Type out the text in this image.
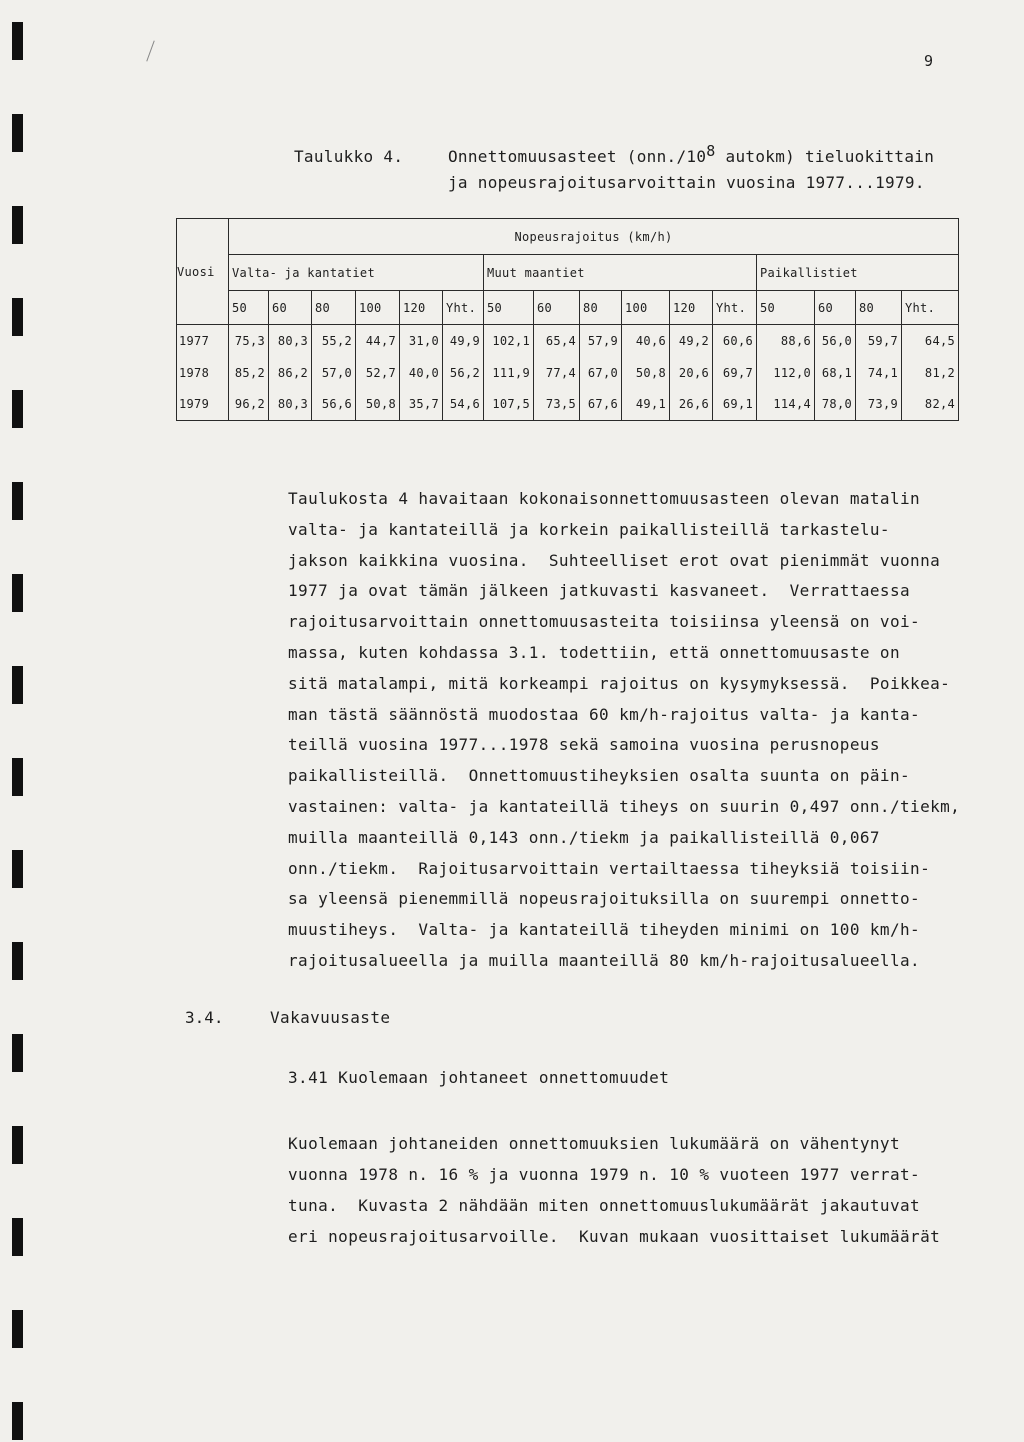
9
Taulukko 4.	Onnettomuusasteet ($onn./10^8$ autokm) tieluokittain
ja nopeusrajoitusarvoittain vuosina 1977...1979.
Vuosi	Nopeusrajoitus (km/h)															
	Valta- ja kantatiet						Muut maantiet						Paikallistiet			
	50	60	80	100	120	Yht.	50	60	80	100	120	Yht.	50	60	80	Yht.
1977	75,3	80,3	55,2	44,7	31,0	49,9	102,1	65,4	57,9	40,6	49,2	60,6	88,6	56,0	59,7	64,5
1978	85,2	86,2	57,0	52,7	40,0	56,2	111,9	77,4	67,0	50,8	20,6	69,7	112,0	68,1	74,1	81,2
1979	96,2	80,3	56,6	50,8	35,7	54,6	107,5	73,5	67,6	49,1	26,6	69,1	114,4	78,0	73,9	82,4
Taulukosta 4 havaitaan kokonaisonnettomuusasteen olevan matalin
valta- ja kantateillä ja korkein paikallisteillä tarkastelu-
jakson kaikkina vuosina.  Suhteelliset erot ovat pienimmät vuonna
1977 ja ovat tämän jälkeen jatkuvasti kasvaneet.  Verrattaessa
rajoitusarvoittain onnettomuusasteita toisiinsa yleensä on voi-
massa, kuten kohdassa 3.1. todettiin, että onnettomuusaste on
sitä matalampi, mitä korkeampi rajoitus on kysymyksessä.  Poikkea-
man tästä säännöstä muodostaa 60 km/h-rajoitus valta- ja kanta-
teillä vuosina 1977...1978 sekä samoina vuosina perusnopeus
paikallisteillä.  Onnettomuustiheyksien osalta suunta on päin-
vastainen: valta- ja kantateillä tiheys on suurin 0,497 onn./tiekm,
muilla maanteillä 0,143 onn./tiekm ja paikallisteillä 0,067
onn./tiekm.  Rajoitusarvoittain vertailtaessa tiheyksiä toisiin-
sa yleensä pienemmillä nopeusrajoituksilla on suurempi onnetto-
muustiheys.  Valta- ja kantateillä tiheyden minimi on 100 km/h-
rajoitusalueella ja muilla maanteillä 80 km/h-rajoitusalueella.
3.4.	Vakavuusaste
3.41 Kuolemaan johtaneet onnettomuudet
Kuolemaan johtaneiden onnettomuuksien lukumäärä on vähentynyt
vuonna 1978 n. 16 % ja vuonna 1979 n. 10 % vuoteen 1977 verrat-
tuna.  Kuvasta 2 nähdään miten onnettomuuslukumäärät jakautuvat
eri nopeusrajoitusarvoille.  Kuvan mukaan vuosittaiset lukumäärät
